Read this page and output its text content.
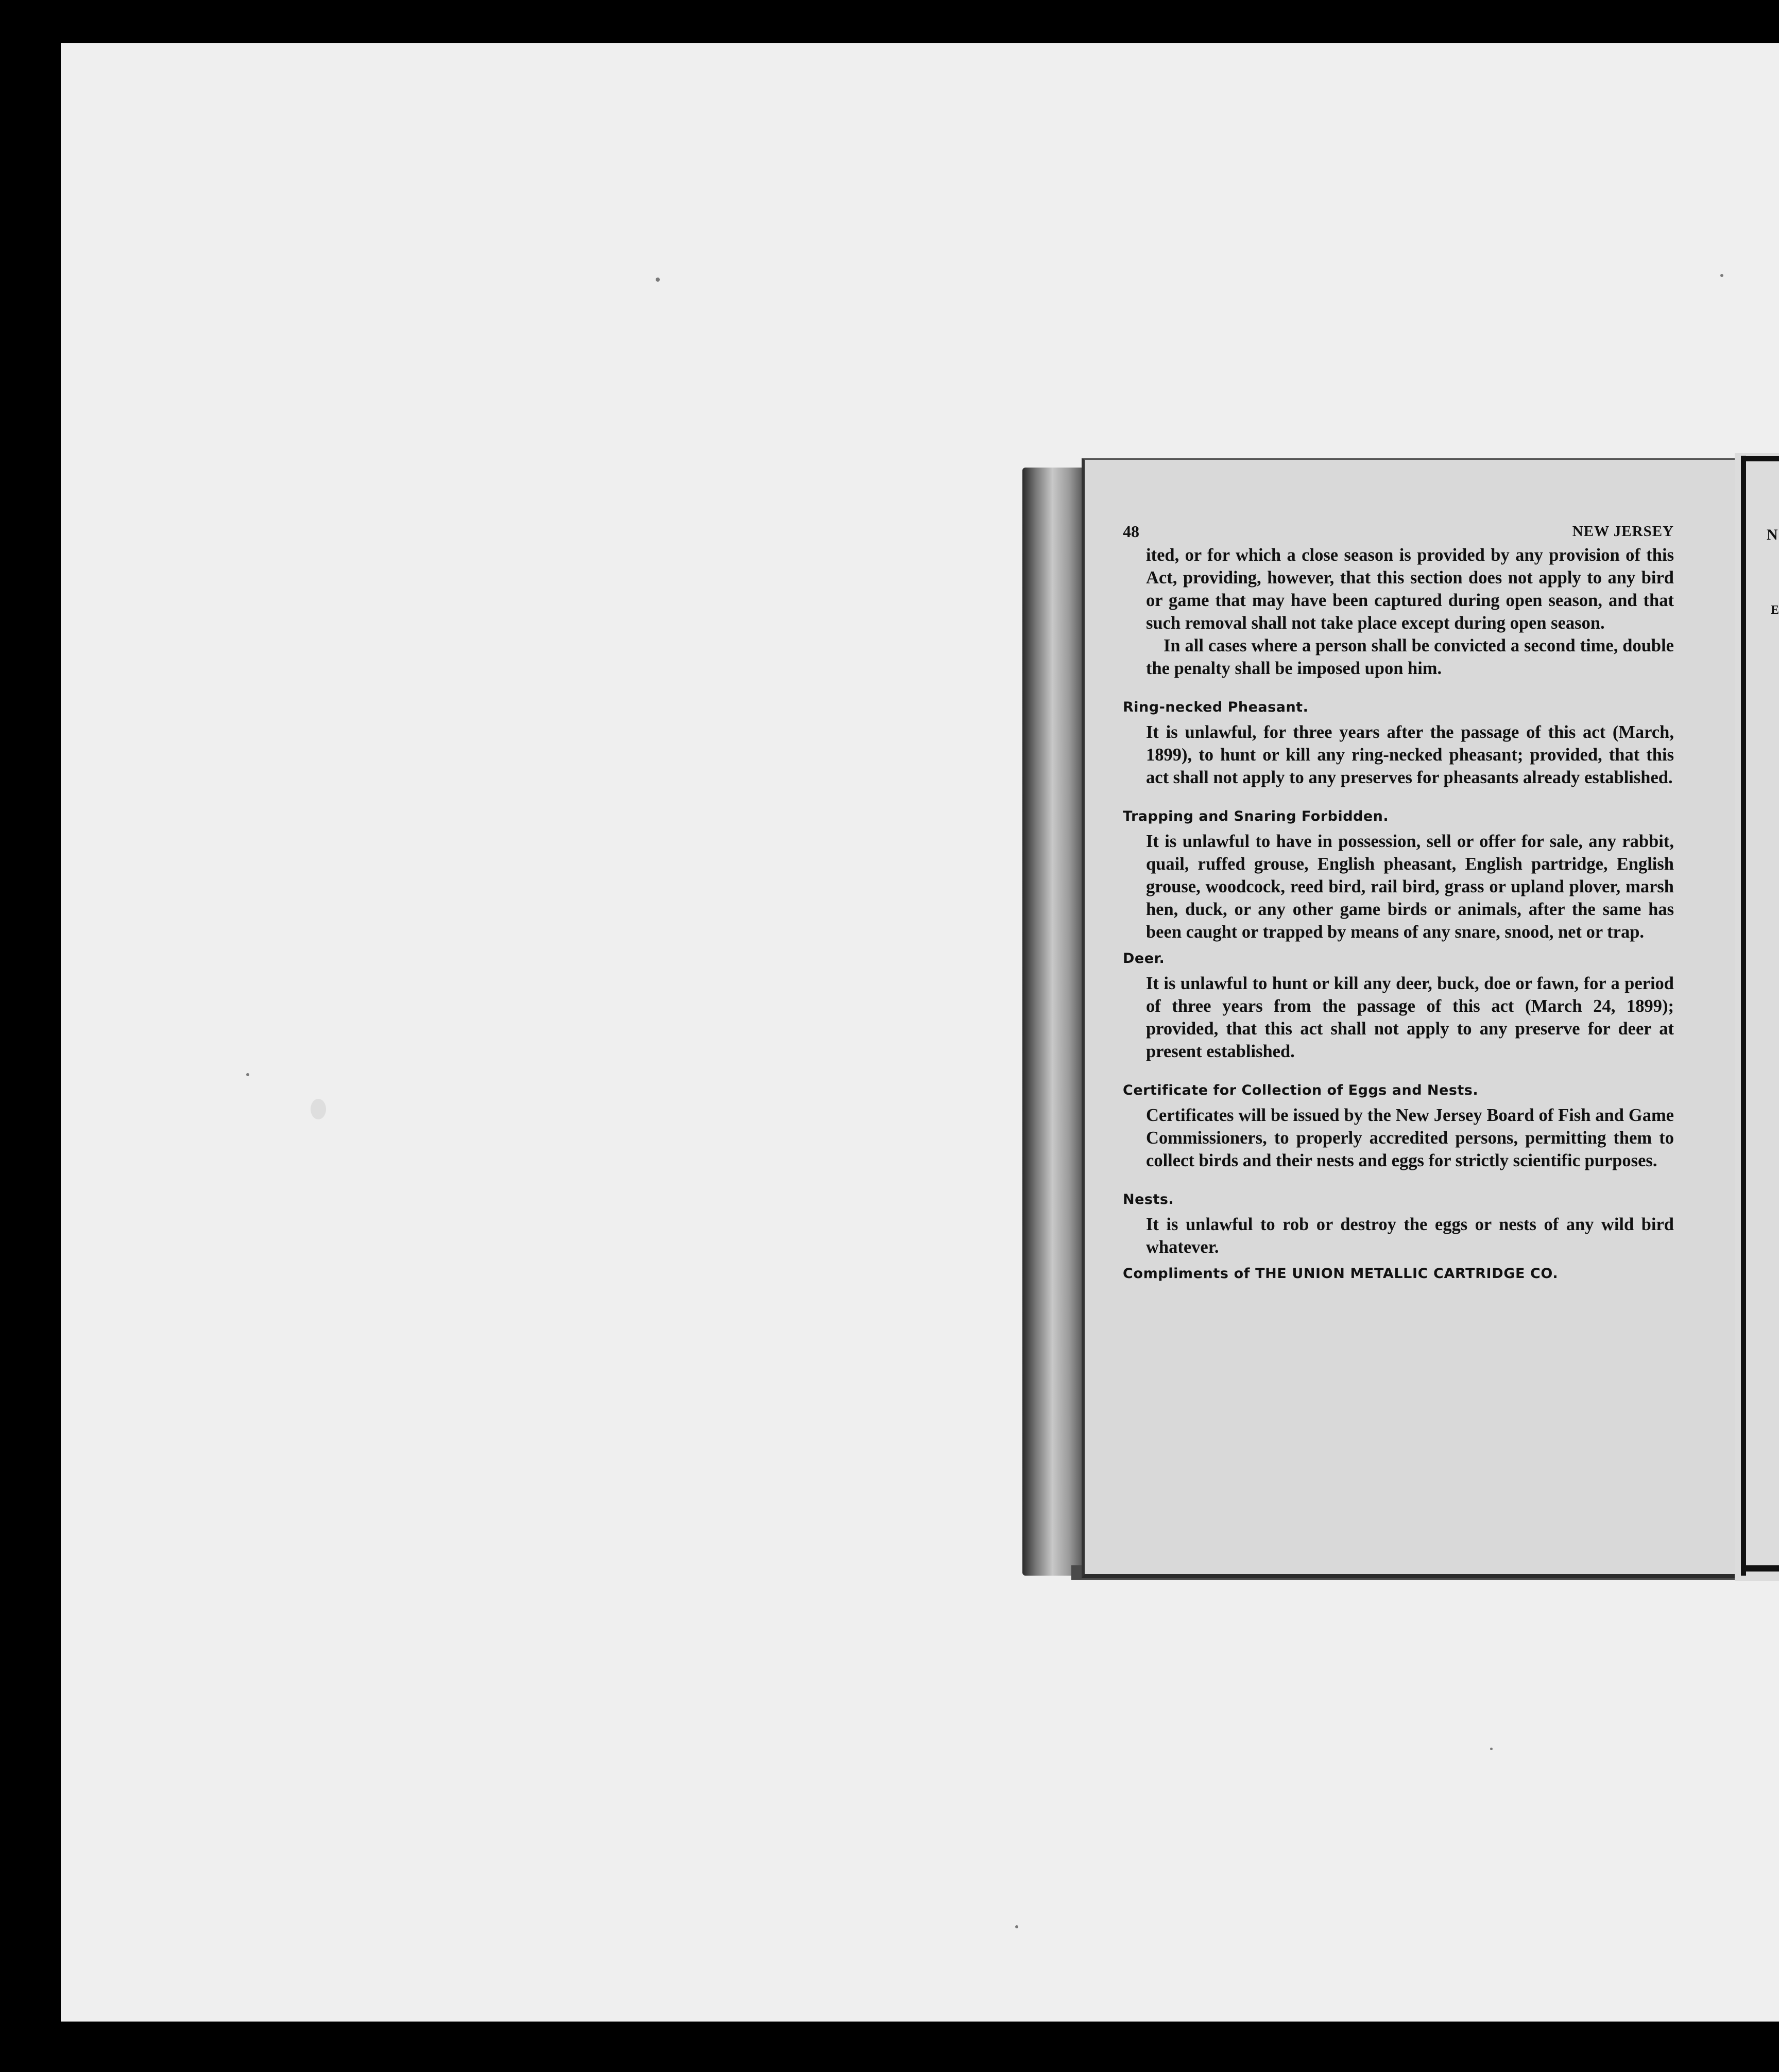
N
E
48	NEW JERSEY

ited, or for which a close season is provided by any provision of this Act, providing, however, that this section does not apply to any bird or game that may have been captured during open season, and that such removal shall not take place except during open season.

In all cases where a person shall be convicted a second time, double the penalty shall be imposed upon him.

Ring-necked Pheasant.

It is unlawful, for three years after the passage of this act (March, 1899), to hunt or kill any ring-necked pheasant; provided, that this act shall not apply to any preserves for pheasants already established.

Trapping and Snaring Forbidden.

It is unlawful to have in possession, sell or offer for sale, any rabbit, quail, ruffed grouse, English pheasant, English partridge, English grouse, woodcock, reed bird, rail bird, grass or upland plover, marsh hen, duck, or any other game birds or animals, after the same has been caught or trapped by means of any snare, snood, net or trap.

Deer.

It is unlawful to hunt or kill any deer, buck, doe or fawn, for a period of three years from the passage of this act (March 24, 1899); provided, that this act shall not apply to any preserve for deer at present established.

Certificate for Collection of Eggs and Nests.

Certificates will be issued by the New Jersey Board of Fish and Game Commissioners, to properly accredited persons, permitting them to collect birds and their nests and eggs for strictly scientific purposes.

Nests.

It is unlawful to rob or destroy the eggs or nests of any wild bird whatever.

Compliments of THE UNION METALLIC CARTRIDGE CO.
